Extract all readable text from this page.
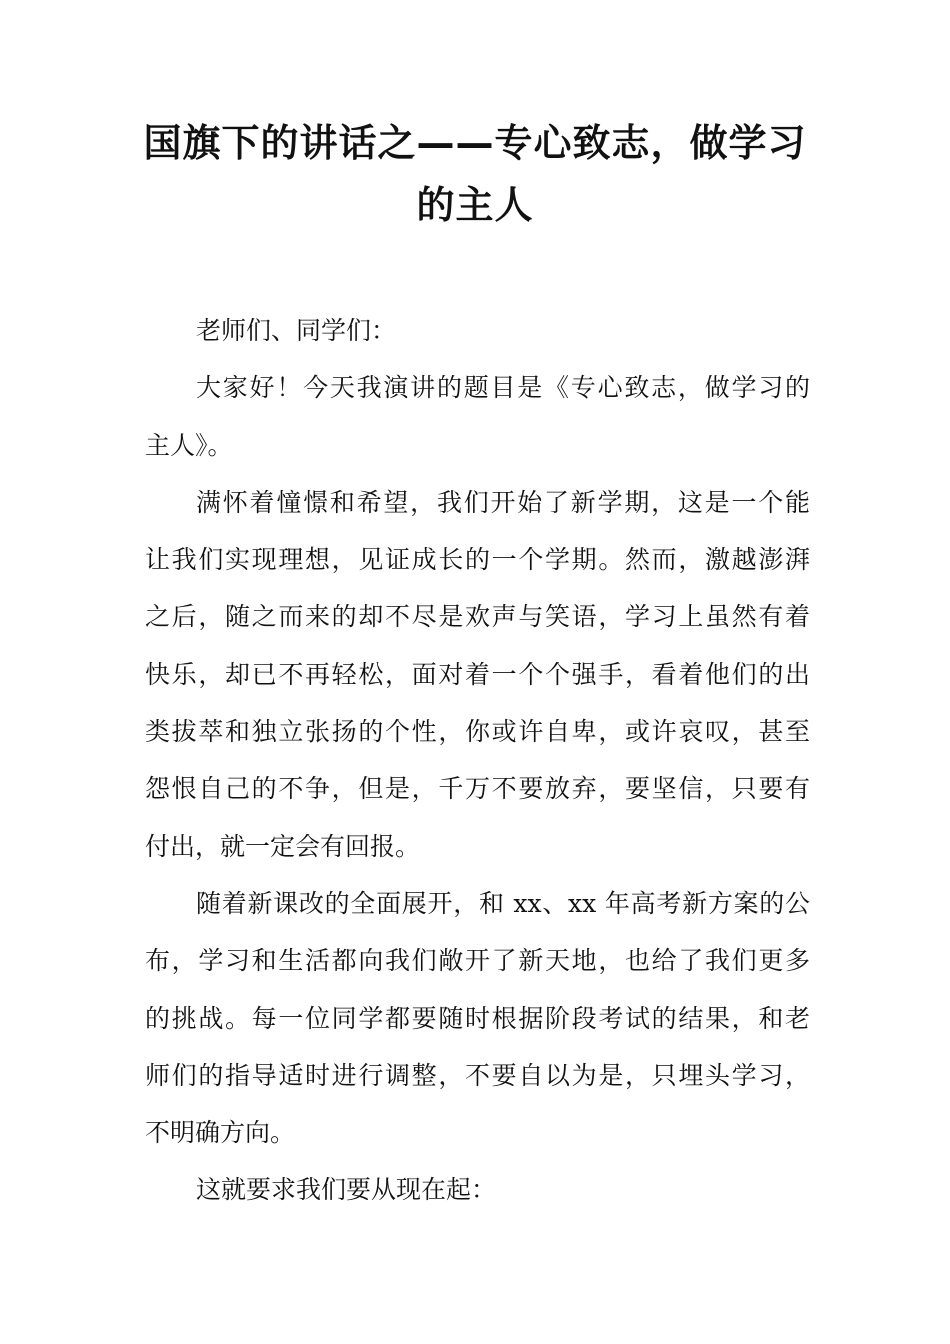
国旗下的讲话之——专心致志，做学习
的主人
老师们、同学们：
大家好！今天我演讲的题目是《专心致志，做学习的
主人》。
满怀着憧憬和希望，我们开始了新学期，这是一个能
让我们实现理想，见证成长的一个学期。然而，激越澎湃
之后，随之而来的却不尽是欢声与笑语，学习上虽然有着
快乐，却已不再轻松，面对着一个个强手，看着他们的出
类拔萃和独立张扬的个性，你或许自卑，或许哀叹，甚至
怨恨自己的不争，但是，千万不要放弃，要坚信，只要有
付出，就一定会有回报。
随着新课改的全面展开，和 xx、xx 年高考新方案的公
布，学习和生活都向我们敞开了新天地，也给了我们更多
的挑战。每一位同学都要随时根据阶段考试的结果，和老
师们的指导适时进行调整，不要自以为是，只埋头学习，
不明确方向。
这就要求我们要从现在起：
